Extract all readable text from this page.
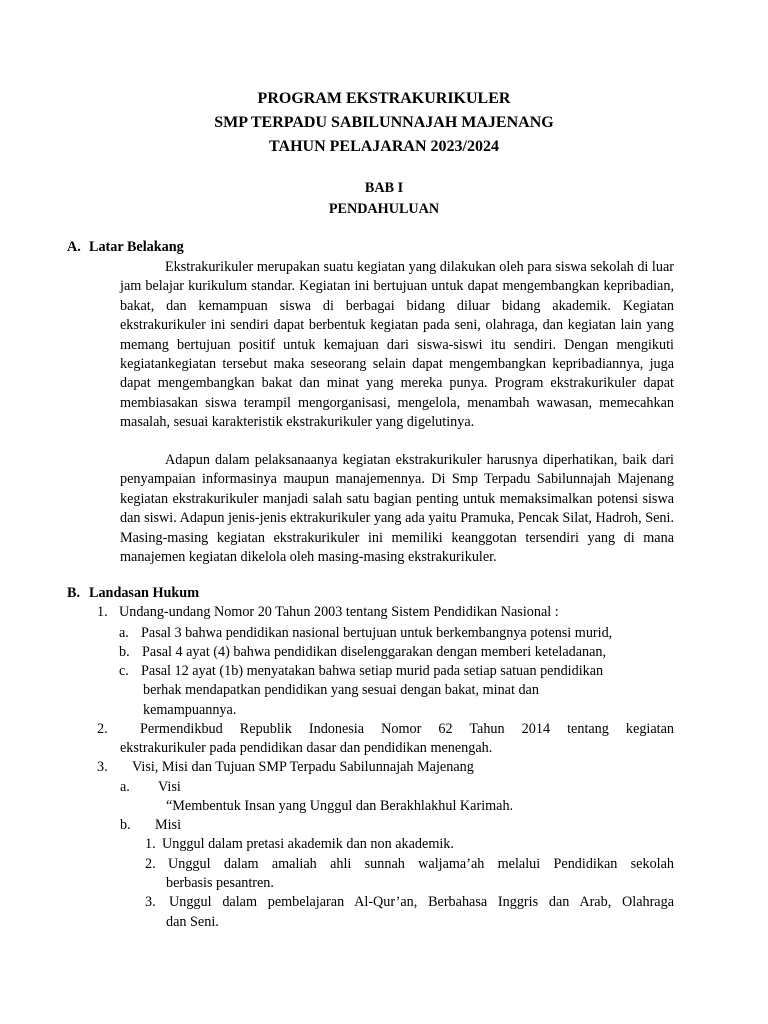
PROGRAM EKSTRAKURIKULER
SMP TERPADU SABILUNNAJAH MAJENANG
TAHUN PELAJARAN 2023/2024
BAB I
PENDAHULUAN
A. Latar Belakang
Ekstrakurikuler merupakan suatu kegiatan yang dilakukan oleh para siswa sekolah di luar jam belajar kurikulum standar. Kegiatan ini bertujuan untuk dapat mengembangkan kepribadian, bakat, dan kemampuan siswa di berbagai bidang diluar bidang akademik. Kegiatan ekstrakurikuler ini sendiri dapat berbentuk kegiatan pada seni, olahraga, dan kegiatan lain yang memang bertujuan positif untuk kemajuan dari siswa-siswi itu sendiri. Dengan mengikuti kegiatankegiatan tersebut maka seseorang selain dapat mengembangkan kepribadiannya, juga dapat mengembangkan bakat dan minat yang mereka punya. Program ekstrakurikuler dapat membiasakan siswa terampil mengorganisasi, mengelola, menambah wawasan, memecahkan masalah, sesuai karakteristik ekstrakurikuler yang digelutinya.
Adapun dalam pelaksanaanya kegiatan ekstrakurikuler harusnya diperhatikan, baik dari penyampaian informasinya maupun manajemennya. Di Smp Terpadu Sabilunnajah Majenang kegiatan ekstrakurikuler manjadi salah satu bagian penting untuk memaksimalkan potensi siswa dan siswi. Adapun jenis-jenis ektrakurikuler yang ada yaitu Pramuka, Pencak Silat, Hadroh, Seni. Masing-masing kegiatan ekstrakurikuler ini memiliki keanggotan tersendiri yang di mana manajemen kegiatan dikelola oleh masing-masing ekstrakurikuler.
B. Landasan Hukum
1. Undang-undang Nomor 20 Tahun 2003 tentang Sistem Pendidikan Nasional :
a. Pasal 3 bahwa pendidikan nasional bertujuan untuk berkembangnya potensi murid,
b. Pasal 4 ayat (4) bahwa pendidikan diselenggarakan dengan memberi keteladanan,
c. Pasal 12 ayat (1b) menyatakan bahwa setiap murid pada setiap satuan pendidikan
berhak mendapatkan pendidikan yang sesuai dengan bakat, minat dan
kemampuannya.
2. Permendikbud Republik Indonesia Nomor 62 Tahun 2014 tentang kegiatan
ekstrakurikuler pada pendidikan dasar dan pendidikan menengah.
3. Visi, Misi dan Tujuan SMP Terpadu Sabilunnajah Majenang
a. Visi
“Membentuk Insan yang Unggul dan Berakhlakhul Karimah.
b. Misi
1. Unggul dalam pretasi akademik dan non akademik.
2. Unggul dalam amaliah ahli sunnah waljama’ah melalui Pendidikan sekolah
berbasis pesantren.
3. Unggul dalam pembelajaran Al-Qur’an, Berbahasa Inggris dan Arab, Olahraga
dan Seni.
